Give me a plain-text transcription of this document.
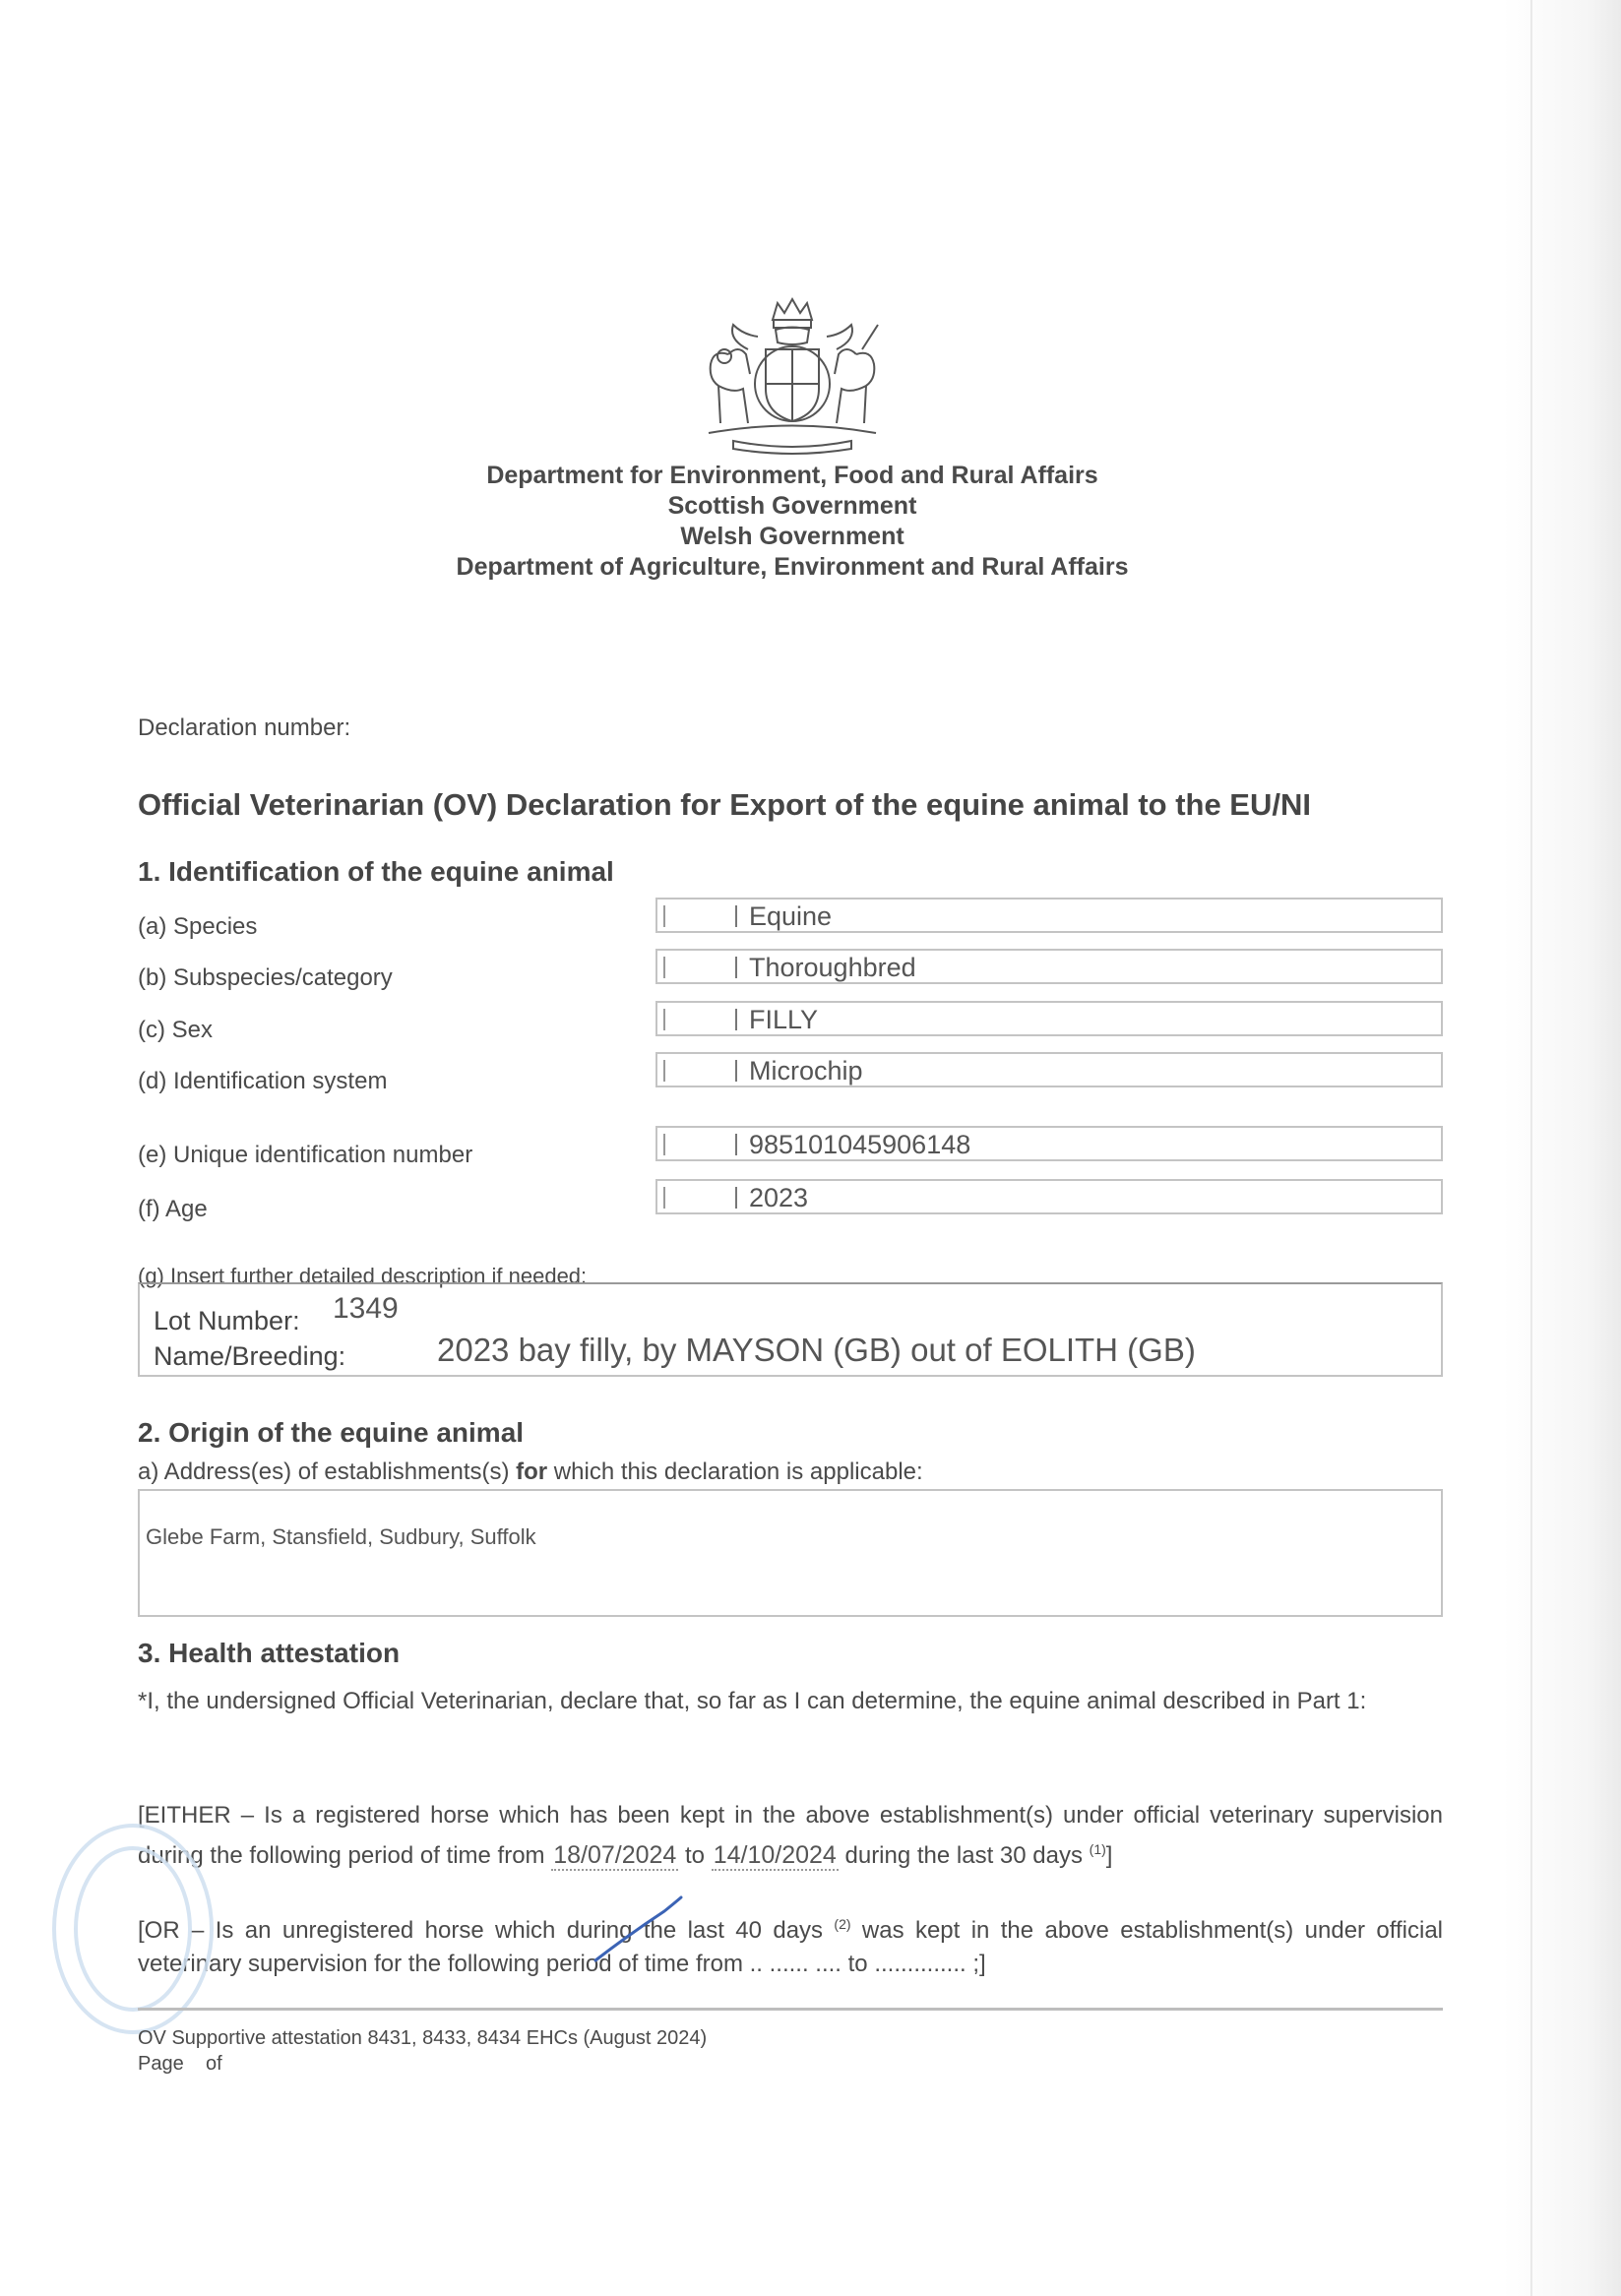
Department for Environment, Food and Rural Affairs
Scottish Government
Welsh Government
Department of Agriculture, Environment and Rural Affairs
Declaration number:
Official Veterinarian (OV) Declaration for Export of the equine animal to the EU/NI
1. Identification of the equine animal
(a) Species	Equine
(b) Subspecies/category	Thoroughbred
(c) Sex	FILLY
(d) Identification system	Microchip
(e) Unique identification number	985101045906148
(f) Age	2023
(g) Insert further detailed description if needed:
Lot Number: 1349
Name/Breeding:	2023 bay filly, by MAYSON (GB) out of EOLITH (GB)
2. Origin of the equine animal
a) Address(es) of establishments(s) for which this declaration is applicable:
Glebe Farm, Stansfield, Sudbury, Suffolk
3. Health attestation
*I, the undersigned Official Veterinarian, declare that, so far as I can determine, the equine animal described in Part 1:
[EITHER – Is a registered horse which has been kept in the above establishment(s) under official veterinary supervision during the following period of time from 18/07/2024 to 14/10/2024 during the last 30 days $^{(1)}$]
[OR – Is an unregistered horse which during the last 40 days $^{(2)}$ was kept in the above establishment(s) under official veterinary supervision for the following period of time from .. ...... .... to .............. ;]
OV Supportive attestation 8431, 8433, 8434 EHCs (August 2024)
Page of
